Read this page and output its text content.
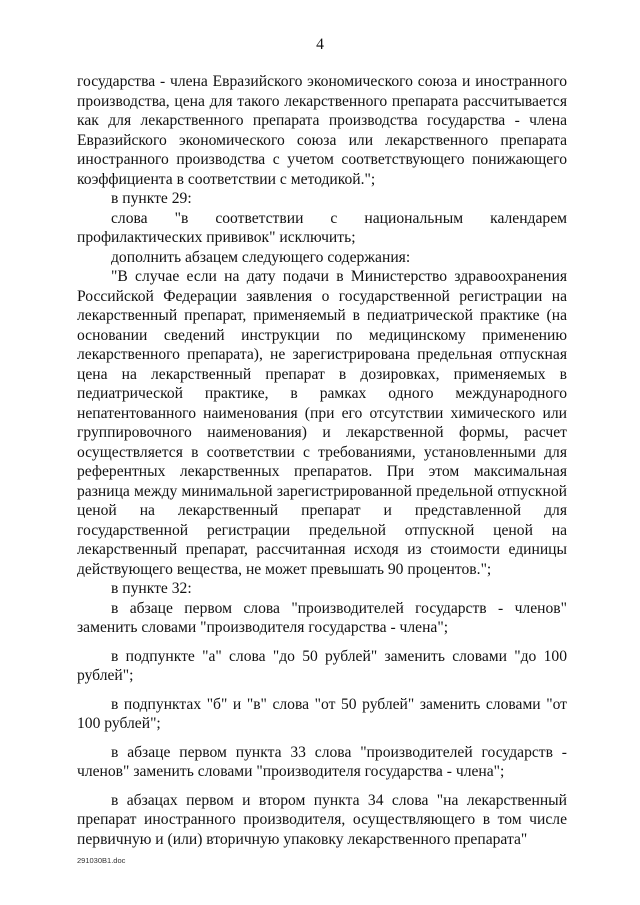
4

государства - члена Евразийского экономического союза и иностранного производства, цена для такого лекарственного препарата рассчитывается как для лекарственного препарата производства государства - члена Евразийского экономического союза или лекарственного препарата иностранного производства с учетом соответствующего понижающего коэффициента в соответствии с методикой.";

в пункте 29:

слова "в соответствии с национальным календарем профилактических прививок" исключить;

дополнить абзацем следующего содержания:

"В случае если на дату подачи в Министерство здравоохранения Российской Федерации заявления о государственной регистрации на лекарственный препарат, применяемый в педиатрической практике (на основании сведений инструкции по медицинскому применению лекарственного препарата), не зарегистрирована предельная отпускная цена на лекарственный препарат в дозировках, применяемых в педиатрической практике, в рамках одного международного непатентованного наименования (при его отсутствии химического или группировочного наименования) и лекарственной формы, расчет осуществляется в соответствии с требованиями, установленными для референтных лекарственных препаратов. При этом максимальная разница между минимальной зарегистрированной предельной отпускной ценой на лекарственный препарат и представленной для государственной регистрации предельной отпускной ценой на лекарственный препарат, рассчитанная исходя из стоимости единицы действующего вещества, не может превышать 90 процентов.";

в пункте 32:

в абзаце первом слова "производителей государств - членов" заменить словами "производителя государства - члена";

в подпункте "а" слова "до 50 рублей" заменить словами "до 100 рублей";

в подпунктах "б" и "в" слова "от 50 рублей" заменить словами "от 100 рублей";

в абзаце первом пункта 33 слова "производителей государств - членов" заменить словами "производителя государства - члена";

в абзацах первом и втором пункта 34 слова "на лекарственный препарат иностранного производителя, осуществляющего в том числе первичную и (или) вторичную упаковку лекарственного препарата"

291030B1.doc
